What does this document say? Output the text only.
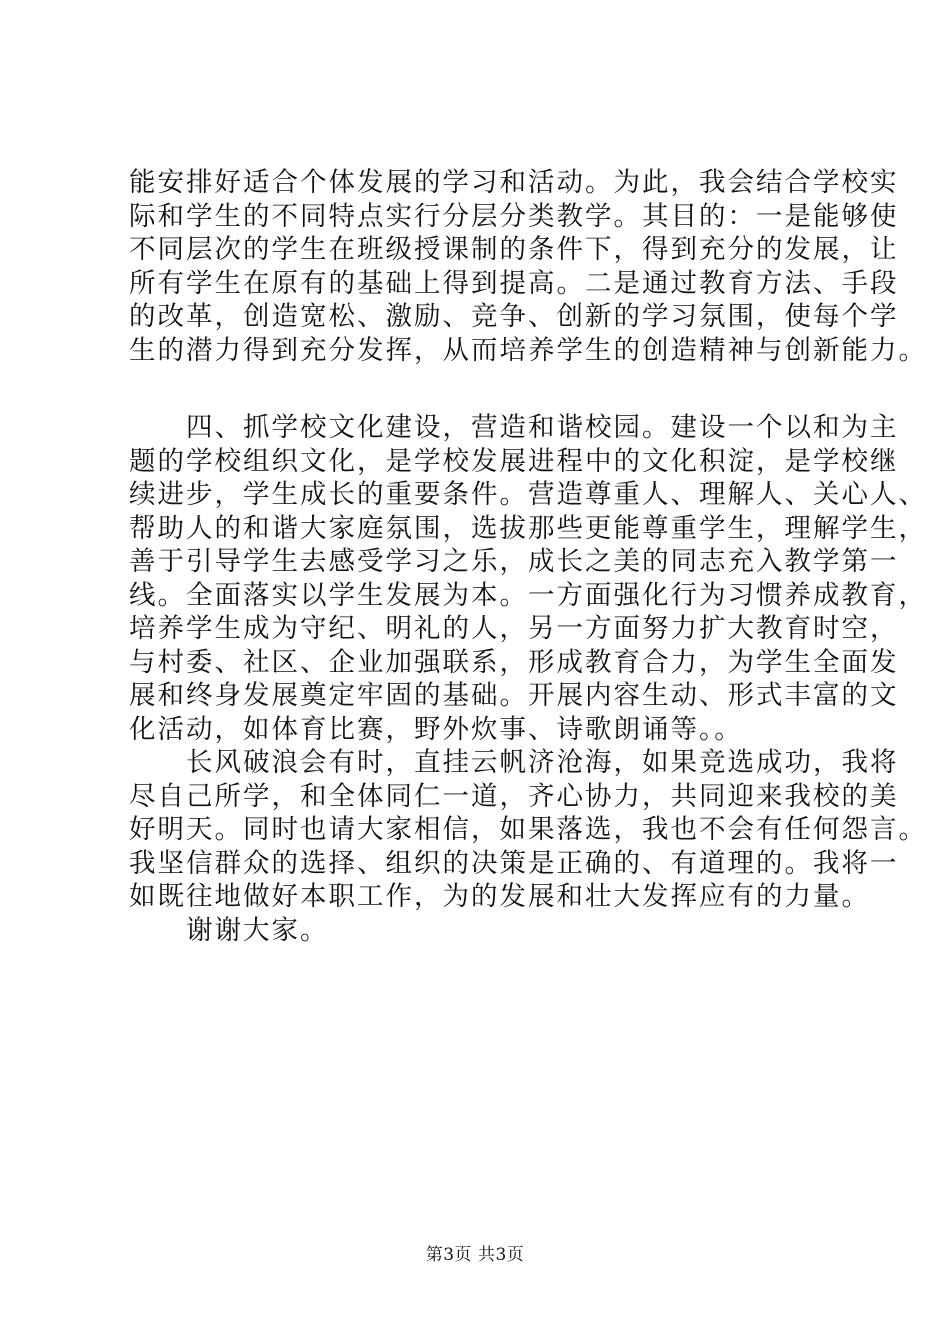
能安排好适合个体发展的学习和活动。为此，我会结合学校实
际和学生的不同特点实行分层分类教学。其目的：一是能够使
不同层次的学生在班级授课制的条件下，得到充分的发展，让
所有学生在原有的基础上得到提高。二是通过教育方法、手段
的改革，创造宽松、激励、竞争、创新的学习氛围，使每个学
生的潜力得到充分发挥，从而培养学生的创造精神与创新能力。
　　四、抓学校文化建设，营造和谐校园。建设一个以和为主
题的学校组织文化，是学校发展进程中的文化积淀，是学校继
续进步，学生成长的重要条件。营造尊重人、理解人、关心人、
帮助人的和谐大家庭氛围，选拔那些更能尊重学生，理解学生，
善于引导学生去感受学习之乐，成长之美的同志充入教学第一
线。全面落实以学生发展为本。一方面强化行为习惯养成教育，
培养学生成为守纪、明礼的人，另一方面努力扩大教育时空，
与村委、社区、企业加强联系，形成教育合力，为学生全面发
展和终身发展奠定牢固的基础。开展内容生动、形式丰富的文
化活动，如体育比赛，野外炊事、诗歌朗诵等。。
　　长风破浪会有时，直挂云帆济沧海，如果竞选成功，我将
尽自己所学，和全体同仁一道，齐心协力，共同迎来我校的美
好明天。同时也请大家相信，如果落选，我也不会有任何怨言。
我坚信群众的选择、组织的决策是正确的、有道理的。我将一
如既往地做好本职工作，为的发展和壮大发挥应有的力量。
　　谢谢大家。
第3页 共3页
